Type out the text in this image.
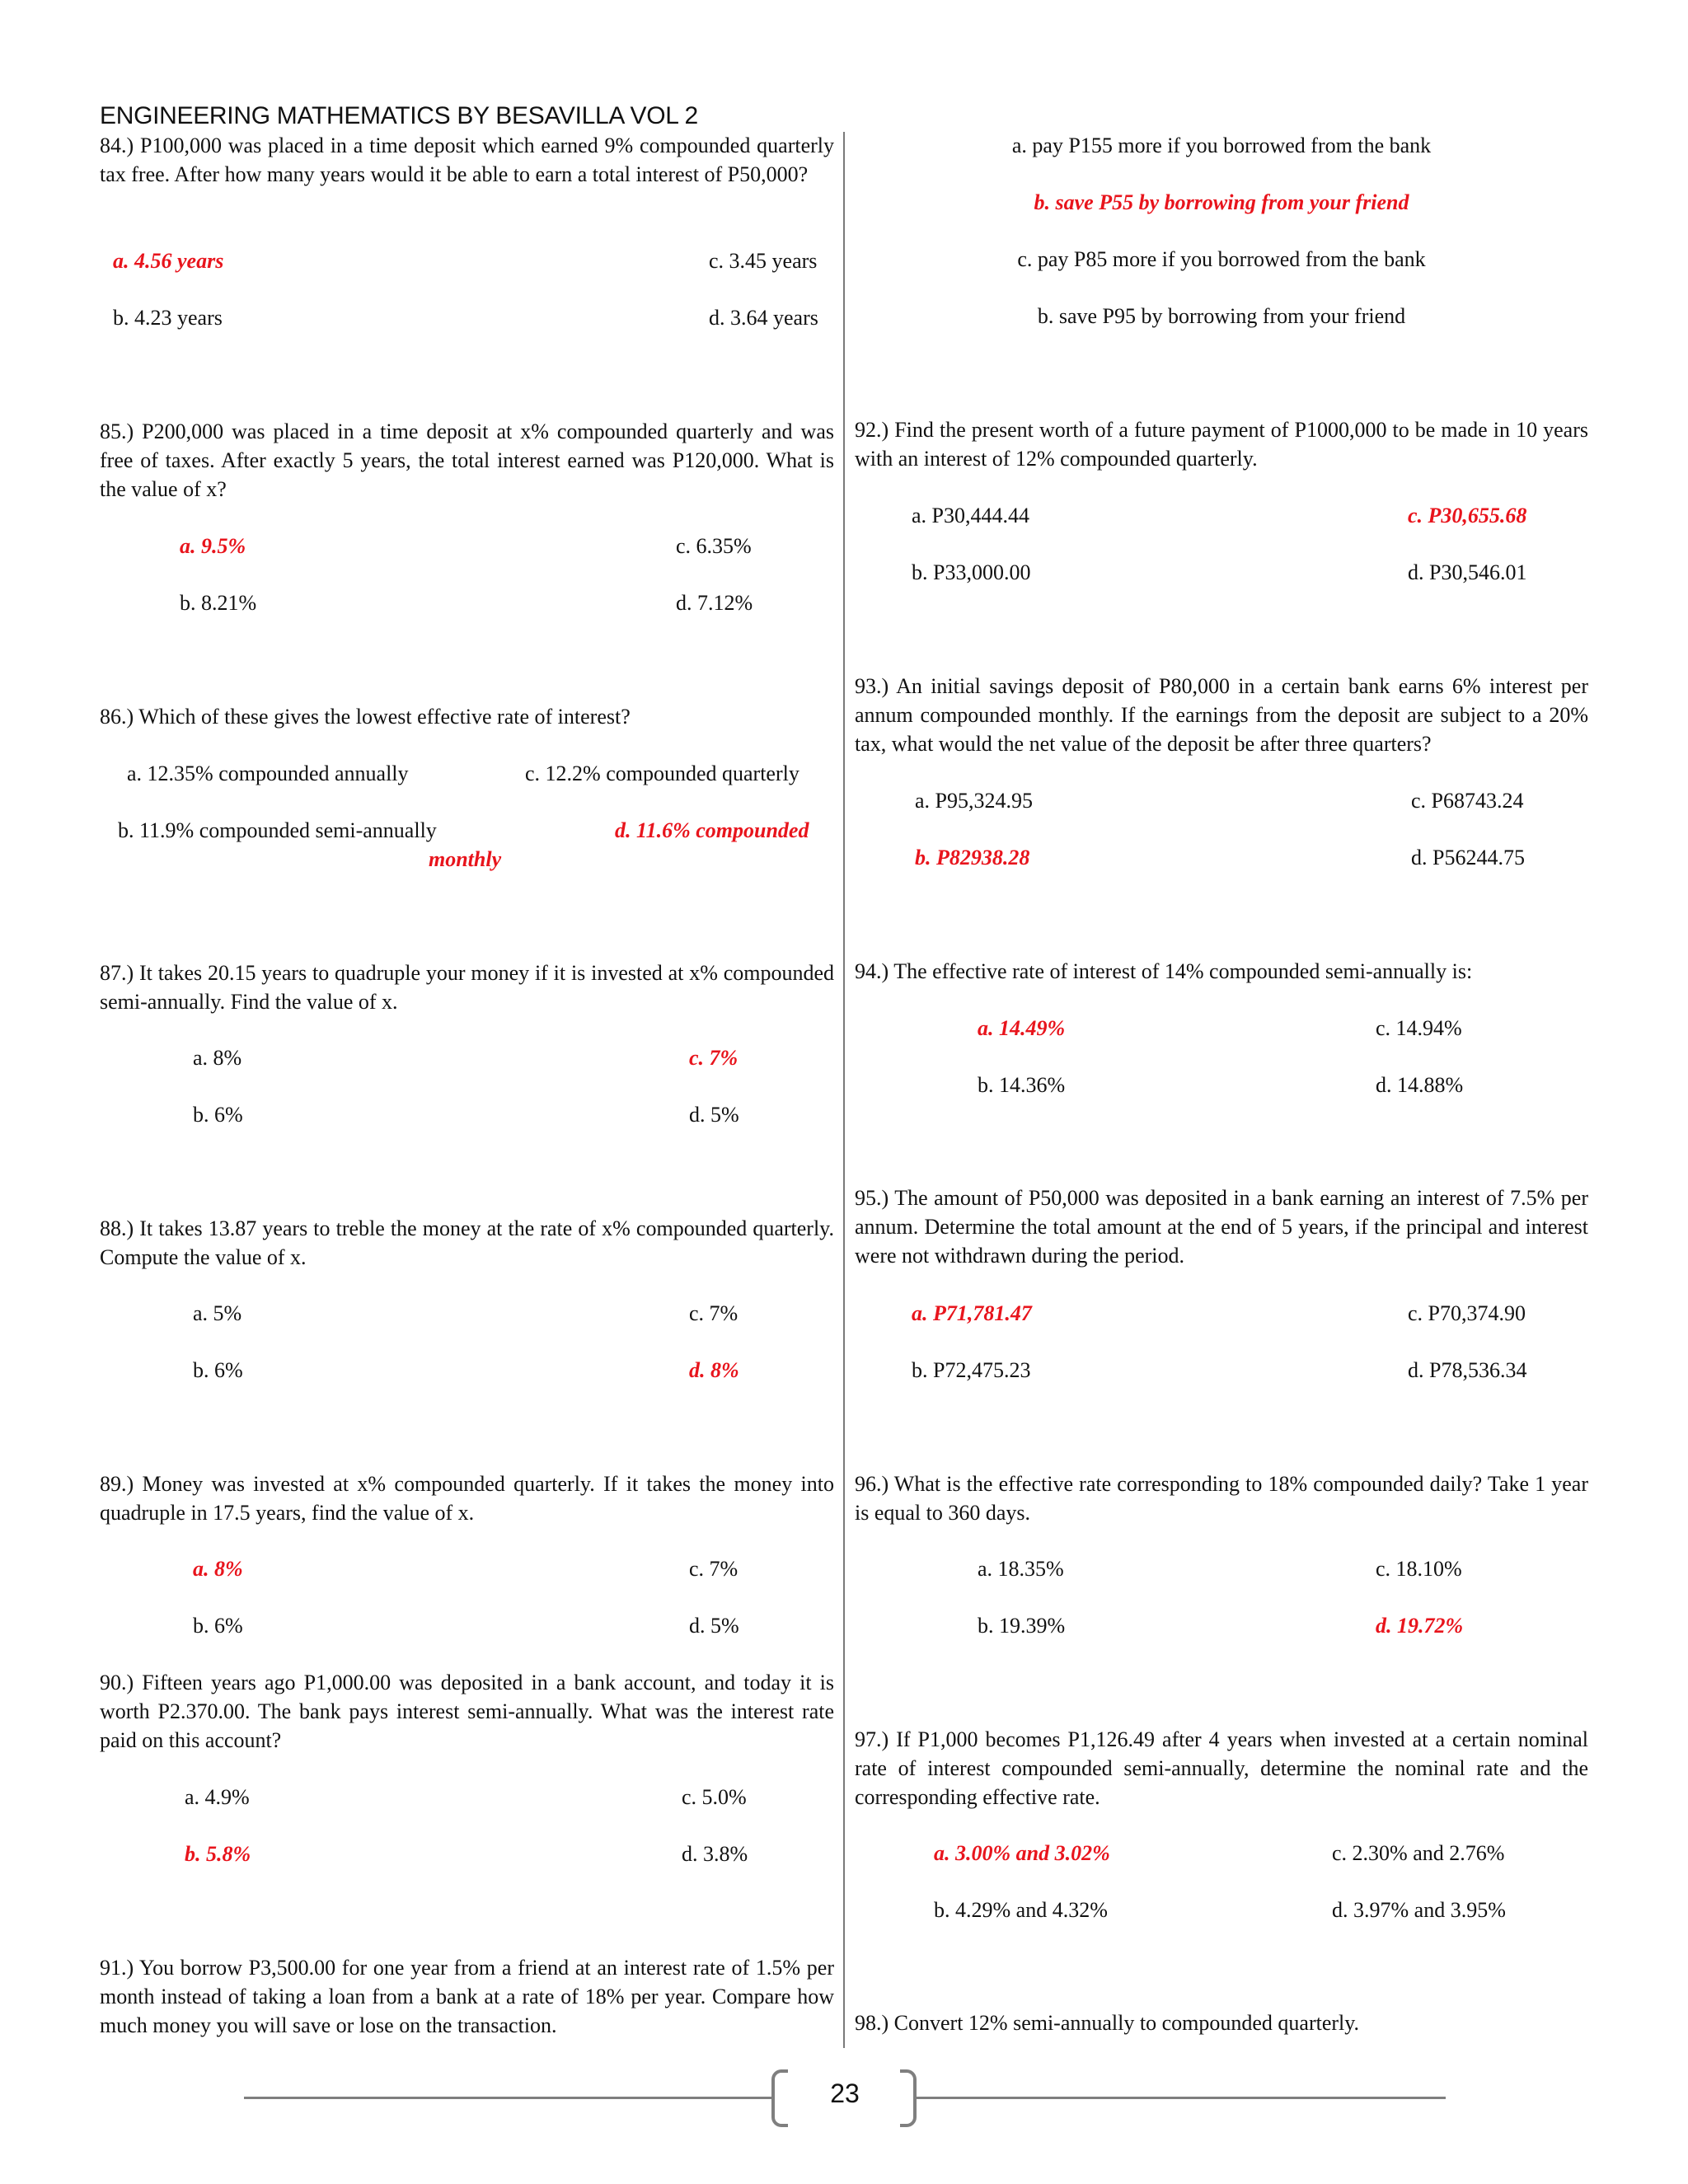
ENGINEERING MATHEMATICS BY BESAVILLA VOL 2
84.) P100,000 was placed in a time deposit which earned 9% compounded quarterly tax free. After how many years would it be able to earn a total interest of P50,000?
a. 4.56 years	c. 3.45 years
b. 4.23 years	d. 3.64 years
85.) P200,000 was placed in a time deposit at x% compounded quarterly and was free of taxes. After exactly 5 years, the total interest earned was P120,000. What is the value of x?
a. 9.5%	c. 6.35%
b. 8.21%	d. 7.12%
86.) Which of these gives the lowest effective rate of interest?
a. 12.35% compounded annually	c. 12.2% compounded quarterly
b. 11.9% compounded semi-annually	d. 11.6% compounded
monthly
87.) It takes 20.15 years to quadruple your money if it is invested at x% compounded semi-annually. Find the value of x.
a. 8%	c. 7%
b. 6%	d. 5%
88.) It takes 13.87 years to treble the money at the rate of x% compounded quarterly. Compute the value of x.
a. 5%	c. 7%
b. 6%	d. 8%
89.) Money was invested at x% compounded quarterly. If it takes the money into quadruple in 17.5 years, find the value of x.
a. 8%	c. 7%
b. 6%	d. 5%
90.) Fifteen years ago P1,000.00 was deposited in a bank account, and today it is worth P2.370.00. The bank pays interest semi-annually. What was the interest rate paid on this account?
a. 4.9%	c. 5.0%
b. 5.8%	d. 3.8%
91.) You borrow P3,500.00 for one year from a friend at an interest rate of 1.5% per month instead of taking a loan from a bank at a rate of 18% per year. Compare how much money you will save or lose on the transaction.
a. pay P155 more if you borrowed from the bank
b. save P55 by borrowing from your friend
c. pay P85 more if you borrowed from the bank
b. save P95 by borrowing from your friend
92.) Find the present worth of a future payment of P1000,000 to be made in 10 years with an interest of 12% compounded quarterly.
a. P30,444.44	c. P30,655.68
b. P33,000.00	d. P30,546.01
93.) An initial savings deposit of P80,000 in a certain bank earns 6% interest per annum compounded monthly. If the earnings from the deposit are subject to a 20% tax, what would the net value of the deposit be after three quarters?
a. P95,324.95	c. P68743.24
b. P82938.28	d. P56244.75
94.) The effective rate of interest of 14% compounded semi-annually is:
a. 14.49%	c. 14.94%
b. 14.36%	d. 14.88%
95.) The amount of P50,000 was deposited in a bank earning an interest of 7.5% per annum. Determine the total amount at the end of 5 years, if the principal and interest were not withdrawn during the period.
a. P71,781.47	c. P70,374.90
b. P72,475.23	d. P78,536.34
96.) What is the effective rate corresponding to 18% compounded daily? Take 1 year is equal to 360 days.
a. 18.35%	c. 18.10%
b. 19.39%	d. 19.72%
97.) If P1,000 becomes P1,126.49 after 4 years when invested at a certain nominal rate of interest compounded semi-annually, determine the nominal rate and the corresponding effective rate.
a. 3.00% and 3.02%	c. 2.30% and 2.76%
b. 4.29% and 4.32%	d. 3.97% and 3.95%
98.) Convert 12% semi-annually to compounded quarterly.
23
